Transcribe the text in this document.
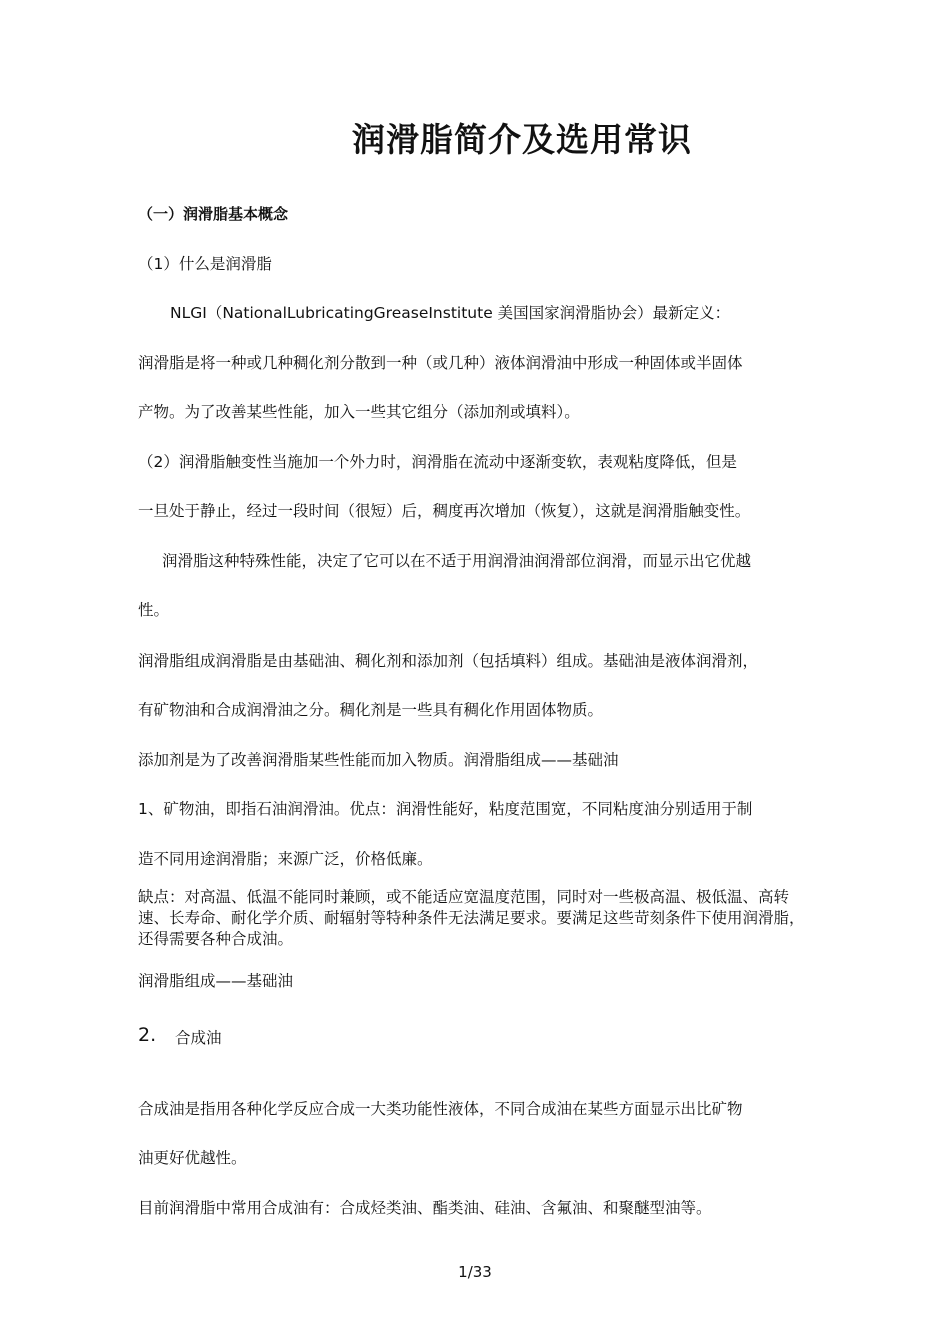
润滑脂简介及选用常识

（一）润滑脂基本概念

（1）什么是润滑脂

NLGI（NationalLubricatingGreaseInstitute 美国国家润滑脂协会）最新定义：

润滑脂是将一种或几种稠化剂分散到一种（或几种）液体润滑油中形成一种固体或半固体

产物。为了改善某些性能，加入一些其它组分（添加剂或填料）。

（2）润滑脂触变性当施加一个外力时，润滑脂在流动中逐渐变软，表观粘度降低，但是

一旦处于静止，经过一段时间（很短）后，稠度再次增加（恢复），这就是润滑脂触变性。

润滑脂这种特殊性能，决定了它可以在不适于用润滑油润滑部位润滑，而显示出它优越

性。

润滑脂组成润滑脂是由基础油、稠化剂和添加剂（包括填料）组成。基础油是液体润滑剂，

有矿物油和合成润滑油之分。稠化剂是一些具有稠化作用固体物质。

添加剂是为了改善润滑脂某些性能而加入物质。润滑脂组成——基础油

1、矿物油，即指石油润滑油。优点：润滑性能好，粘度范围宽，不同粘度油分别适用于制

造不同用途润滑脂；来源广泛，价格低廉。

缺点：对高温、低温不能同时兼顾，或不能适应宽温度范围，同时对一些极高温、极低温、高转速、长寿命、耐化学介质、耐辐射等特种条件无法满足要求。要满足这些苛刻条件下使用润滑脂，还得需要各种合成油。

润滑脂组成——基础油

2. 合成油

合成油是指用各种化学反应合成一大类功能性液体，不同合成油在某些方面显示出比矿物

油更好优越性。

目前润滑脂中常用合成油有：合成烃类油、酯类油、硅油、含氟油、和聚醚型油等。

1/33
